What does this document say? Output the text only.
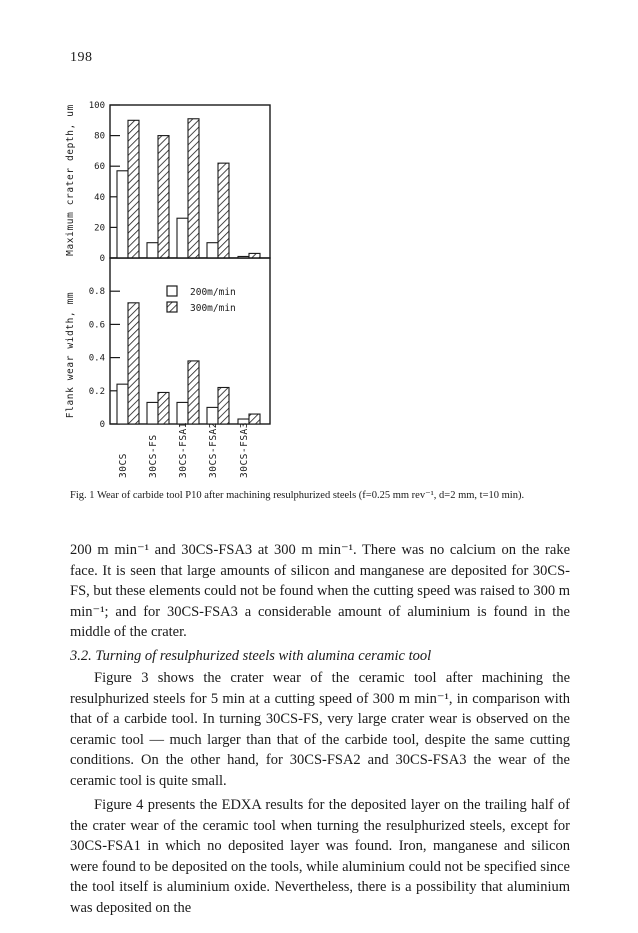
198
100
80
60
40
20
0
Maximum crater depth, um
0.8
0.6
0.4
0.2
0
Flank wear width, mm	200m/min
300m/min
30CS 30CS-FS 30CS-FSA1 30CS-FSA2 30CS-FSA3

Fig. 1 Wear of carbide tool P10 after machining resulphurized steels (f=0.25 mm rev⁻¹, d=2 mm, t=10 min).

200 m min⁻¹ and 30CS-FSA3 at 300 m min⁻¹. There was no calcium on the rake face. It is seen that large amounts of silicon and manganese are deposited for 30CS-FS, but these elements could not be found when the cutting speed was raised to 300 m min⁻¹; and for 30CS-FSA3 a considerable amount of aluminium is found in the middle of the crater.

3.2. Turning of resulphurized steels with alumina ceramic tool

Figure 3 shows the crater wear of the ceramic tool after machining the resulphurized steels for 5 min at a cutting speed of 300 m min⁻¹, in comparison with that of a carbide tool. In turning 30CS-FS, very large crater wear is observed on the ceramic tool — much larger than that of the carbide tool, despite the same cutting conditions. On the other hand, for 30CS-FSA2 and 30CS-FSA3 the wear of the ceramic tool is quite small.

Figure 4 presents the EDXA results for the deposited layer on the trailing half of the crater wear of the ceramic tool when turning the resulphurized steels, except for 30CS-FSA1 in which no deposited layer was found. Iron, manganese and silicon were found to be deposited on the tools, while aluminium could not be specified since the tool itself is aluminium oxide. Nevertheless, there is a possibility that aluminium was deposited on the
